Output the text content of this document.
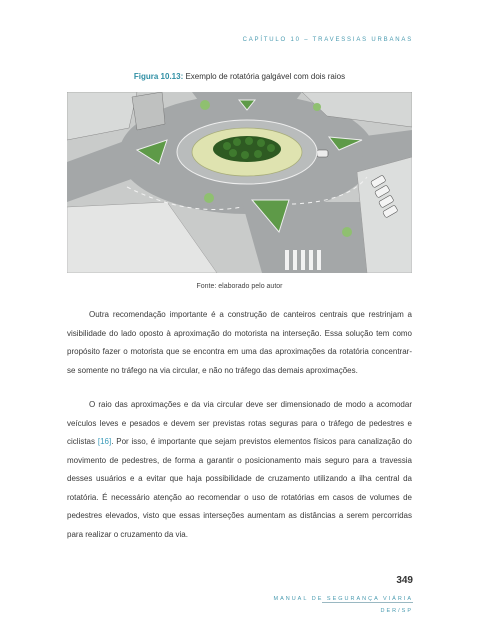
CAPÍTULO 10 – TRAVESSIAS URBANAS
Figura 10.13: Exemplo de rotatória galgável com dois raios
Fonte: elaborado pelo autor

Outra recomendação importante é a construção de canteiros centrais que restrinjam a visibilidade do lado oposto à aproximação do motorista na interseção. Essa solução tem como propósito fazer o motorista que se encontra em uma das aproximações da rotatória concentrar-se somente no tráfego na via circular, e não no tráfego das demais aproximações.

O raio das aproximações e da via circular deve ser dimensionado de modo a acomodar veículos leves e pesados e devem ser previstas rotas seguras para o tráfego de pedestres e ciclistas [16]. Por isso, é importante que sejam previstos elementos físicos para canalização do movimento de pedestres, de forma a garantir o posicionamento mais seguro para a travessia desses usuários e a evitar que haja possibilidade de cruzamento utilizando a ilha central da rotatória. É necessário atenção ao recomendar o uso de rotatórias em casos de volumes de pedestres elevados, visto que essas interseções aumentam as distâncias a serem percorridas para realizar o cruzamento da via.

349
MANUAL DE SEGURANÇA VIÁRIA
DER/SP
